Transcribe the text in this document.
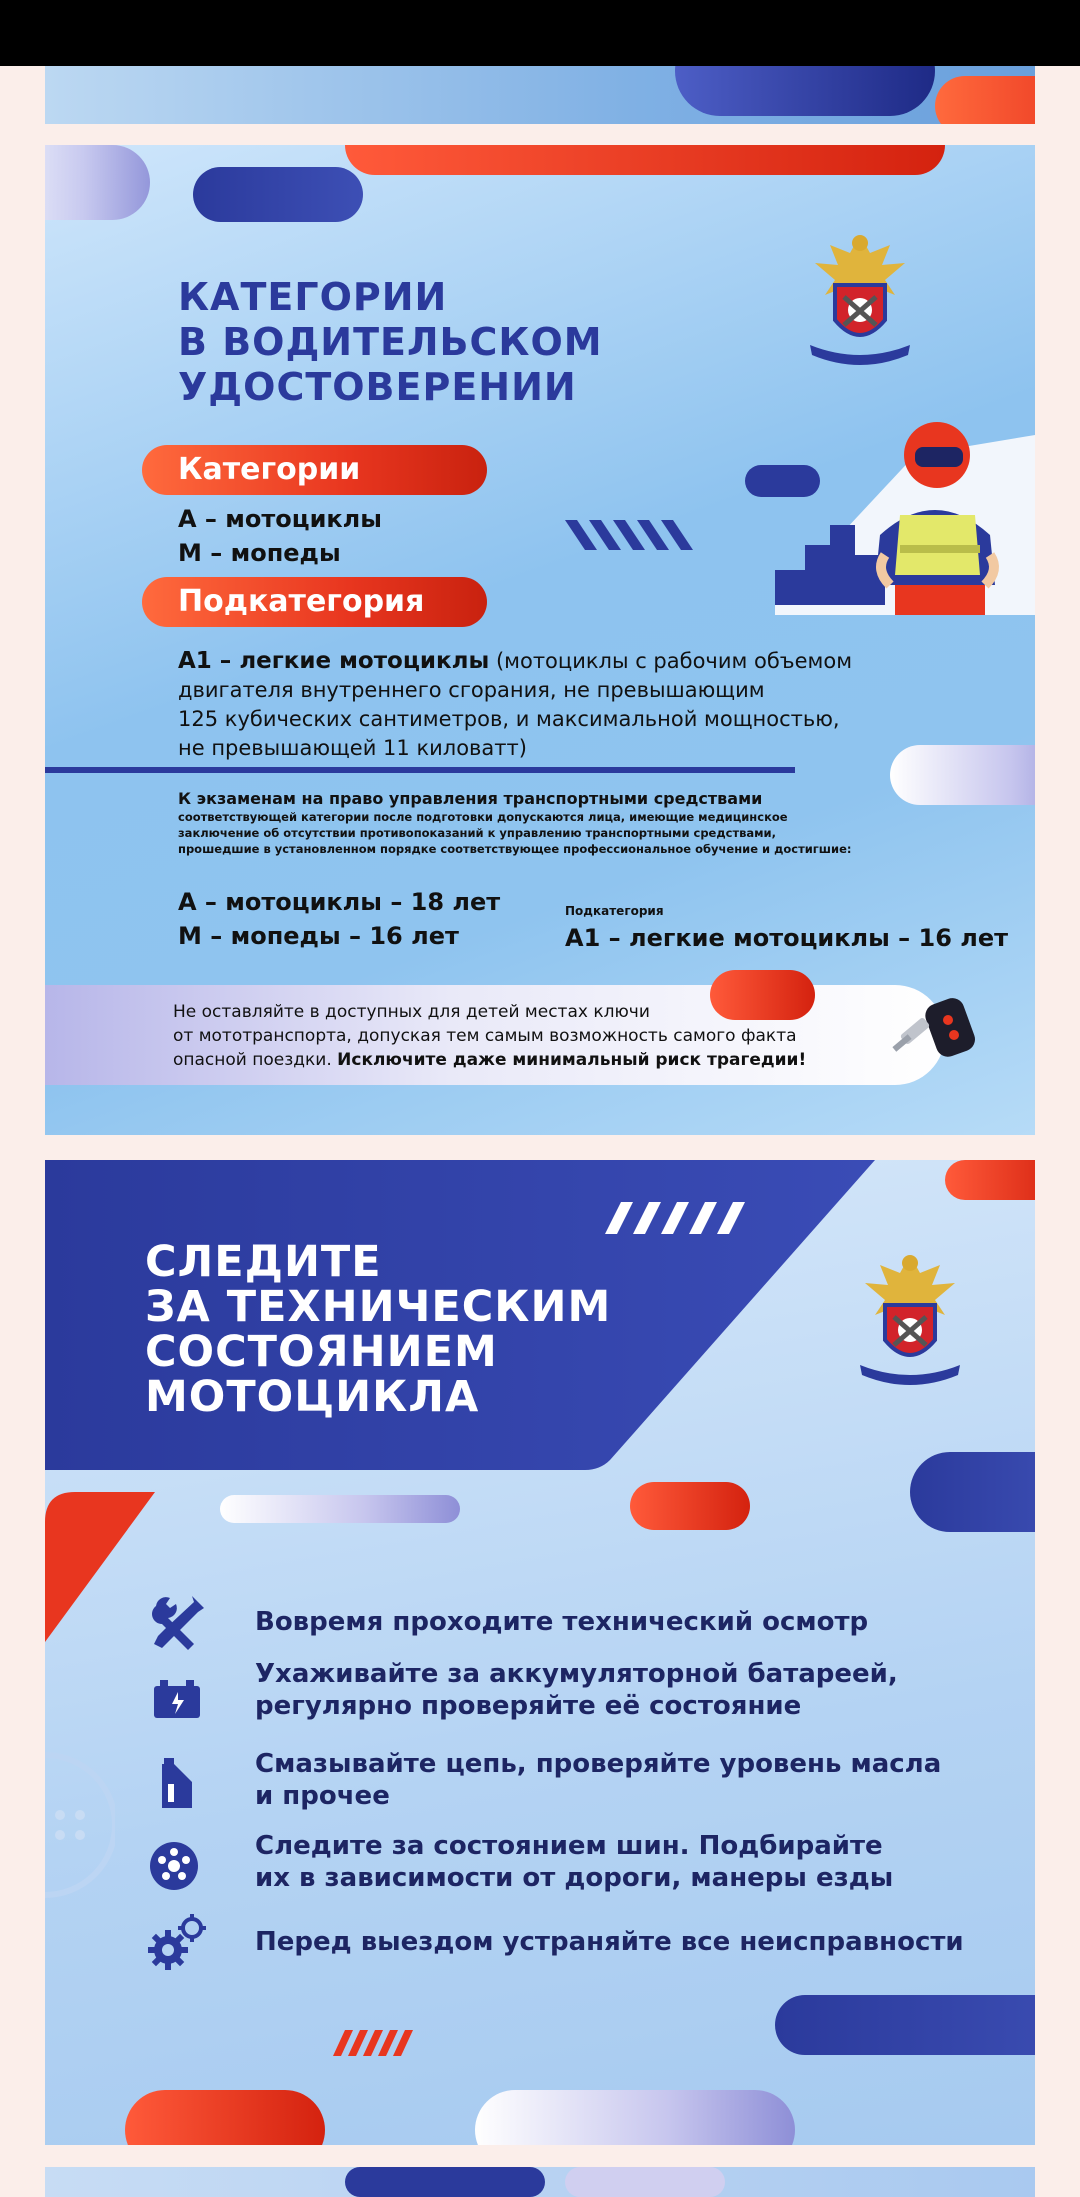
КАТЕГОРИИ
В ВОДИТЕЛЬСКОМ
УДОСТОВЕРЕНИИ
Категории
А – мотоциклы
М – мопеды
Подкатегория
А1 – легкие мотоциклы (мотоциклы с рабочим объемом
двигателя внутреннего сгорания, не превышающим
125 кубических сантиметров, и максимальной мощностью,
не превышающей 11 киловатт)
К экзаменам на право управления транспортными средствами
соответствующей категории после подготовки допускаются лица, имеющие медицинское
заключение об отсутствии противопоказаний к управлению транспортными средствами,
прошедшие в установленном порядке соответствующее профессиональное обучение и достигшие:
А – мотоциклы – 18 лет
М – мопеды – 16 лет
Подкатегория
А1 – легкие мотоциклы – 16 лет
Не оставляйте в доступных для детей местах ключи
от мототранспорта, допуская тем самым возможность самого факта
опасной поездки. Исключите даже минимальный риск трагедии!
СЛЕДИТЕ
ЗА ТЕХНИЧЕСКИМ
СОСТОЯНИЕМ
МОТОЦИКЛА
Вовремя проходите технический осмотр
Ухаживайте за аккумуляторной батареей,
регулярно проверяйте её состояние
Смазывайте цепь, проверяйте уровень масла
и прочее
Следите за состоянием шин. Подбирайте
их в зависимости от дороги, манеры езды
Перед выездом устраняйте все неисправности
